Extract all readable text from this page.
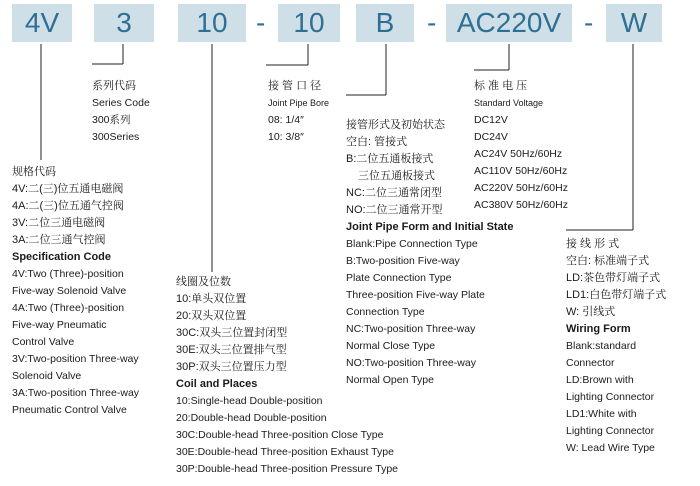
4V	3	10	-	10	B	- AC220V - W
系列代码
Series Code
300系列
300Series
接 管 口 径
Joint Pipe Bore
08: 1/4″
10: 3/8″
标 准 电 压
Standard Voltage
DC12V
DC24V
AC24V 50Hz/60Hz
AC110V 50Hz/60Hz
AC220V 50Hz/60Hz
AC380V 50Hz/60Hz
规格代码
4V:二(三)位五通电磁阀
4A:二(三)位五通气控阀
3V:二位三通电磁阀
3A:二位三通气控阀
Specification Code
4V:Two (Three)-position
Five-way Solenoid Valve
4A:Two (Three)-position
Five-way Pneumatic
Control Valve
3V:Two-position Three-way
Solenoid Valve
3A:Two-position Three-way
Pneumatic Control Valve
线圈及位数
10:单头双位置
20:双头双位置
30C:双头三位置封闭型
30E:双头三位置排气型
30P:双头三位置压力型
Coil and Places
10:Single-head Double-position
20:Double-head Double-position
30C:Double-head Three-position Close Type
30E:Double-head Three-position Exhaust Type
30P:Double-head Three-position Pressure Type
接管形式及初始状态
空白: 管接式
B:二位五通板接式
三位五通板接式
NC:二位三通常闭型
NO:二位三通常开型
Joint Pipe Form and Initial State
Blank:Pipe Connection Type
B:Two-position Five-way
Plate Connection Type
Three-position Five-way Plate
Connection Type
NC:Two-position Three-way
Normal Close Type
NO:Two-position Three-way
Normal Open Type
接 线 形 式
空白: 标准端子式
LD:茶色带灯端子式
LD1:白色带灯端子式
W: 引线式
Wiring Form
Blank:standard
Connector
LD:Brown with
Lighting Connector
LD1:White with
Lighting Connector
W: Lead Wire Type
